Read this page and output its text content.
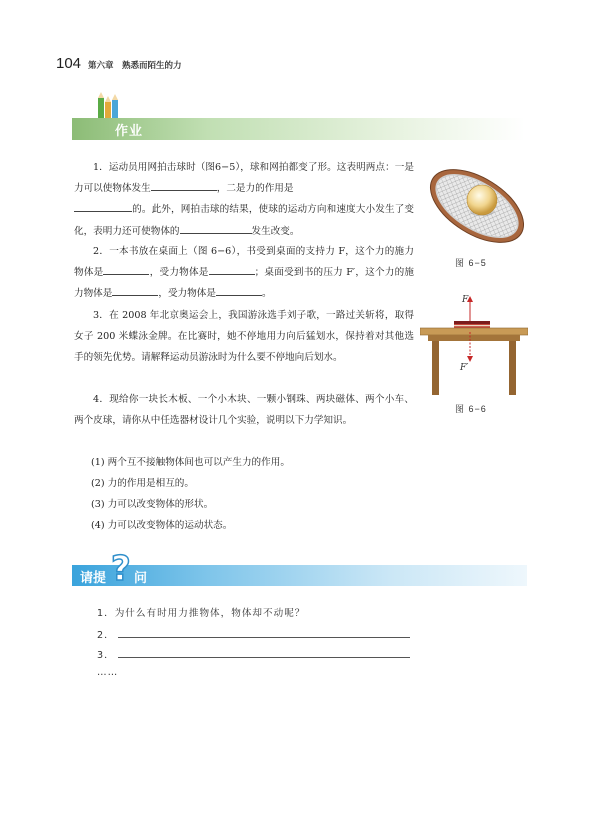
104 第六章　熟悉而陌生的力
作业
1．运动员用网拍击球时（图6−5），球和网拍都变了形。这表明两点：一是力可以使物体发生	，二是力的作用是
的。此外，网拍击球的结果，使球的运动方向和速度大小发生了变化，表明力还可使物体的	发生改变。
2．一本书放在桌面上（图 6−6），书受到桌面的支持力 F，这个力的施力物体是	，受力物体是	；桌面受到书的压力 F′，这个力的施力物体是	，受力物体是	。
3．在 2008 年北京奥运会上，我国游泳选手刘子歌，一路过关斩将，取得女子 200 米蝶泳金牌。在比赛时，她不停地用力向后猛划水，保持着对其他选手的领先优势。请解释运动员游泳时为什么要不停地向后划水。
4．现给你一块长木板、一个小木块、一颗小钢珠、两块磁体、两个小车、两个皮球，请你从中任选器材设计几个实验，说明以下力学知识。
(1) 两个互不接触物体间也可以产生力的作用。
(2) 力的作用是相互的。
(3) 力可以改变物体的形状。
(4) 力可以改变物体的运动状态。
图 6−5
F
F′
图 6−6
请提 ? 问
1．为什么有时用力推物体，物体却不动呢？
2．
3．
……
